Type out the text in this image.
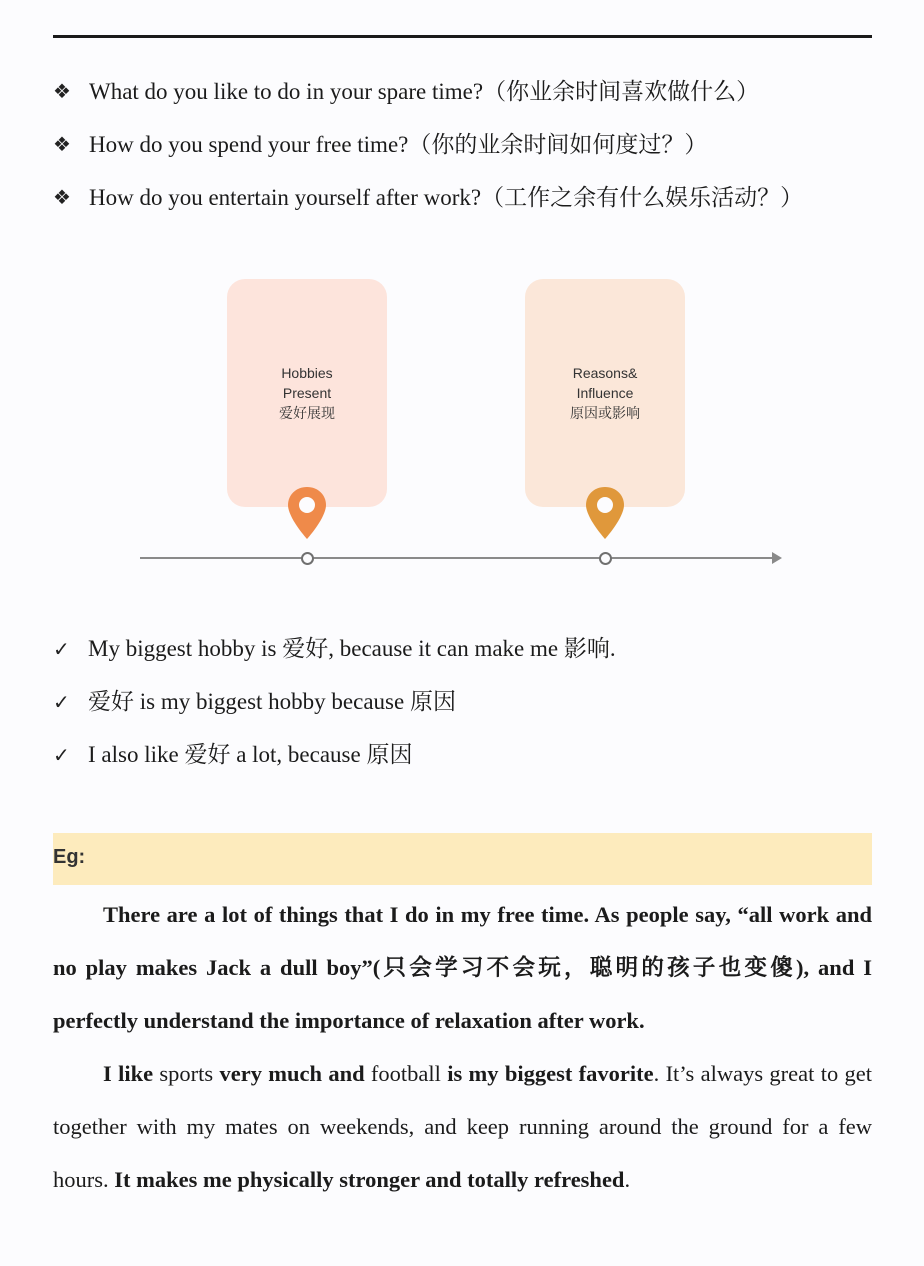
❖ What do you like to do in your spare time? （你业余时间喜欢做什么）
❖ How do you spend your free time? （你的业余时间如何度过？）
❖ How do you entertain yourself after work? （工作之余有什么娱乐活动？）
Hobbies
Present
爱好展现
Reasons&
Influence
原因或影响
✓ My biggest hobby is 爱好, because it can make me 影响.
✓ 爱好 is my biggest hobby because 原因
✓ I also like 爱好 a lot, because 原因
Eg:

There are a lot of things that I do in my free time. As people say, “all work and no play makes Jack a dull boy”(只会学习不会玩，聪明的孩子也变傻), and I perfectly understand the importance of relaxation after work.

I like sports very much and football is my biggest favorite. It’s always great to get together with my mates on weekends, and keep running around the ground for a few hours. It makes me physically stronger and totally refreshed.
